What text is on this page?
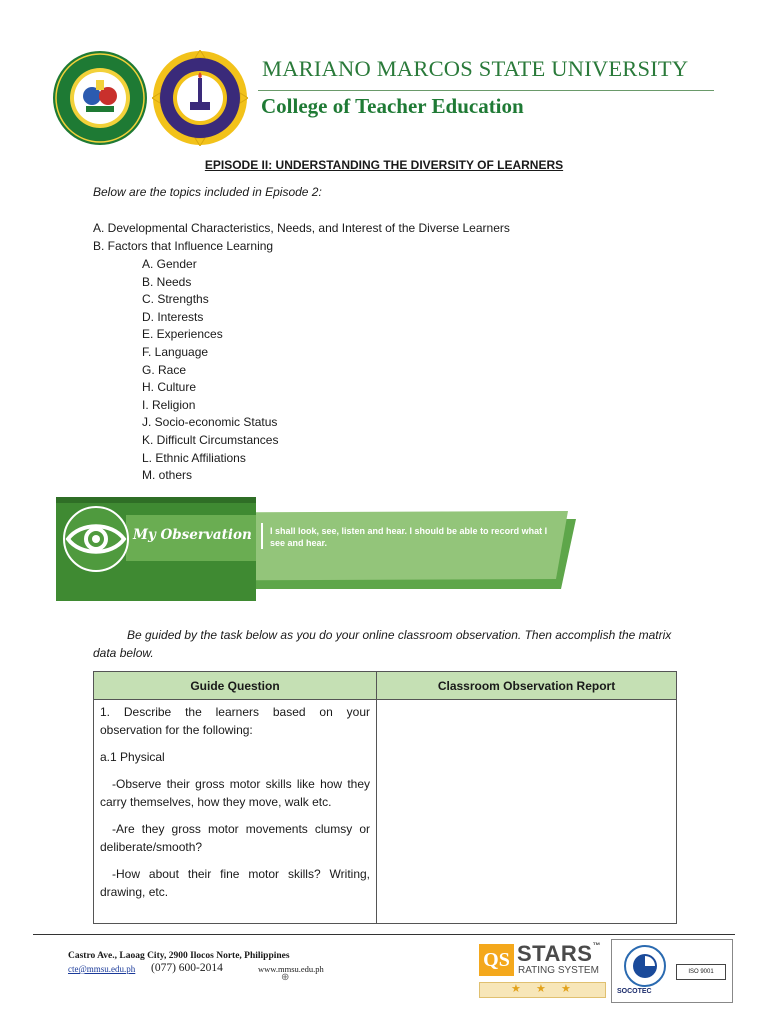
MARIANO MARCOS STATE UNIVERSITY
College of Teacher Education
EPISODE II: UNDERSTANDING THE DIVERSITY OF LEARNERS
Below are the topics included in Episode 2:
A. Developmental Characteristics, Needs, and Interest of the Diverse Learners
B. Factors that Influence Learning
A. Gender
B. Needs
C. Strengths
D. Interests
E. Experiences
F. Language
G. Race
H. Culture
I. Religion
J. Socio-economic Status
K. Difficult Circumstances
L. Ethnic Affiliations
M. others
My Observation I shall look, see, listen and hear. I should be able to record what I see and hear.
Be guided by the task below as you do your online classroom observation. Then accomplish the matrix data below.
Guide Question	Classroom Observation Report

1. Describe the learners based on your observation for the following:

a.1 Physical

-Observe their gross motor skills like how they carry themselves, how they move, walk etc.

-Are they gross motor movements clumsy or deliberate/smooth?

-How about their fine motor skills? Writing, drawing, etc.	

Castro Ave., Laoag City, 2900 Ilocos Norte, Philippines
cte@mmsu.edu.ph (077) 600-2014	www.mmsu.edu.ph
⊕
QS STARS™
RATING SYSTEM
★ ★ ★	SOCOTEC
ISO 9001
